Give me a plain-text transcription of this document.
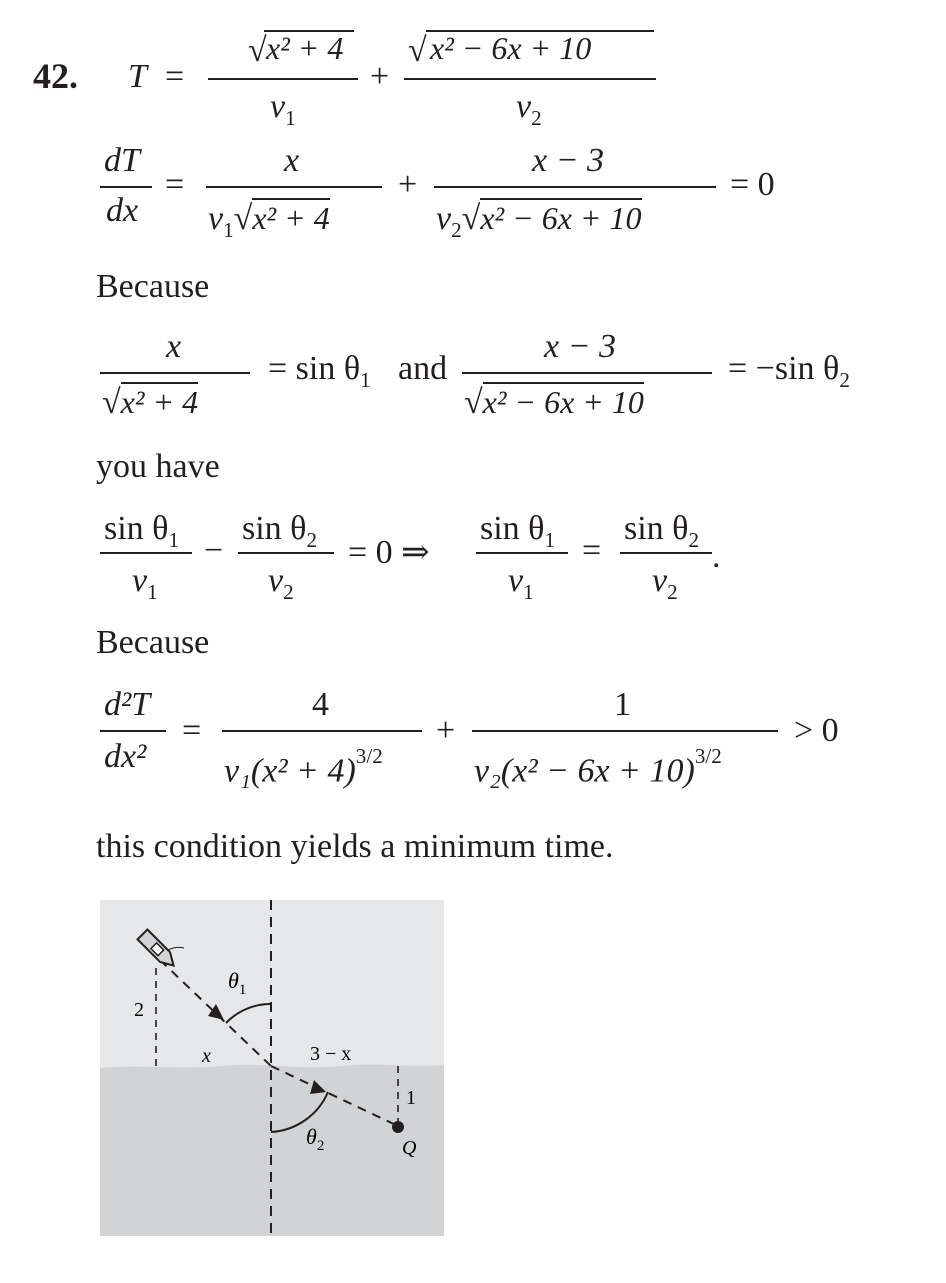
42. T =
√ x² + 4
$v_1$
+
√ x² − 6x + 10
$v_2$
dT
dx
=
x
$v_1√x^2 + 4$
+
x − 3
$v_2√x^2 - 6x + 10$
= 0
Because
x
√x² + 4
= $\sin \theta_1$ and
x − 3
√x² − 6x + 10
= −sin $\theta_2$
you have
$\sin \theta_1$
$v_1$
−
$\sin \theta_2$
$v_2$
= 0 ⇒
$\sin \theta_1$
$v_1$
=
$\sin \theta_2$
$v_2$
.
Because
d²T
dx²
=
4
$v_1(x^2 + 4)^{3/2}$
+
1
$v_2(x^2 - 6x + 10)^{3/2}$
> 0
this condition yields a minimum time.
2
x	3 − x
1
$\theta_1$
$\theta_2$	Q
